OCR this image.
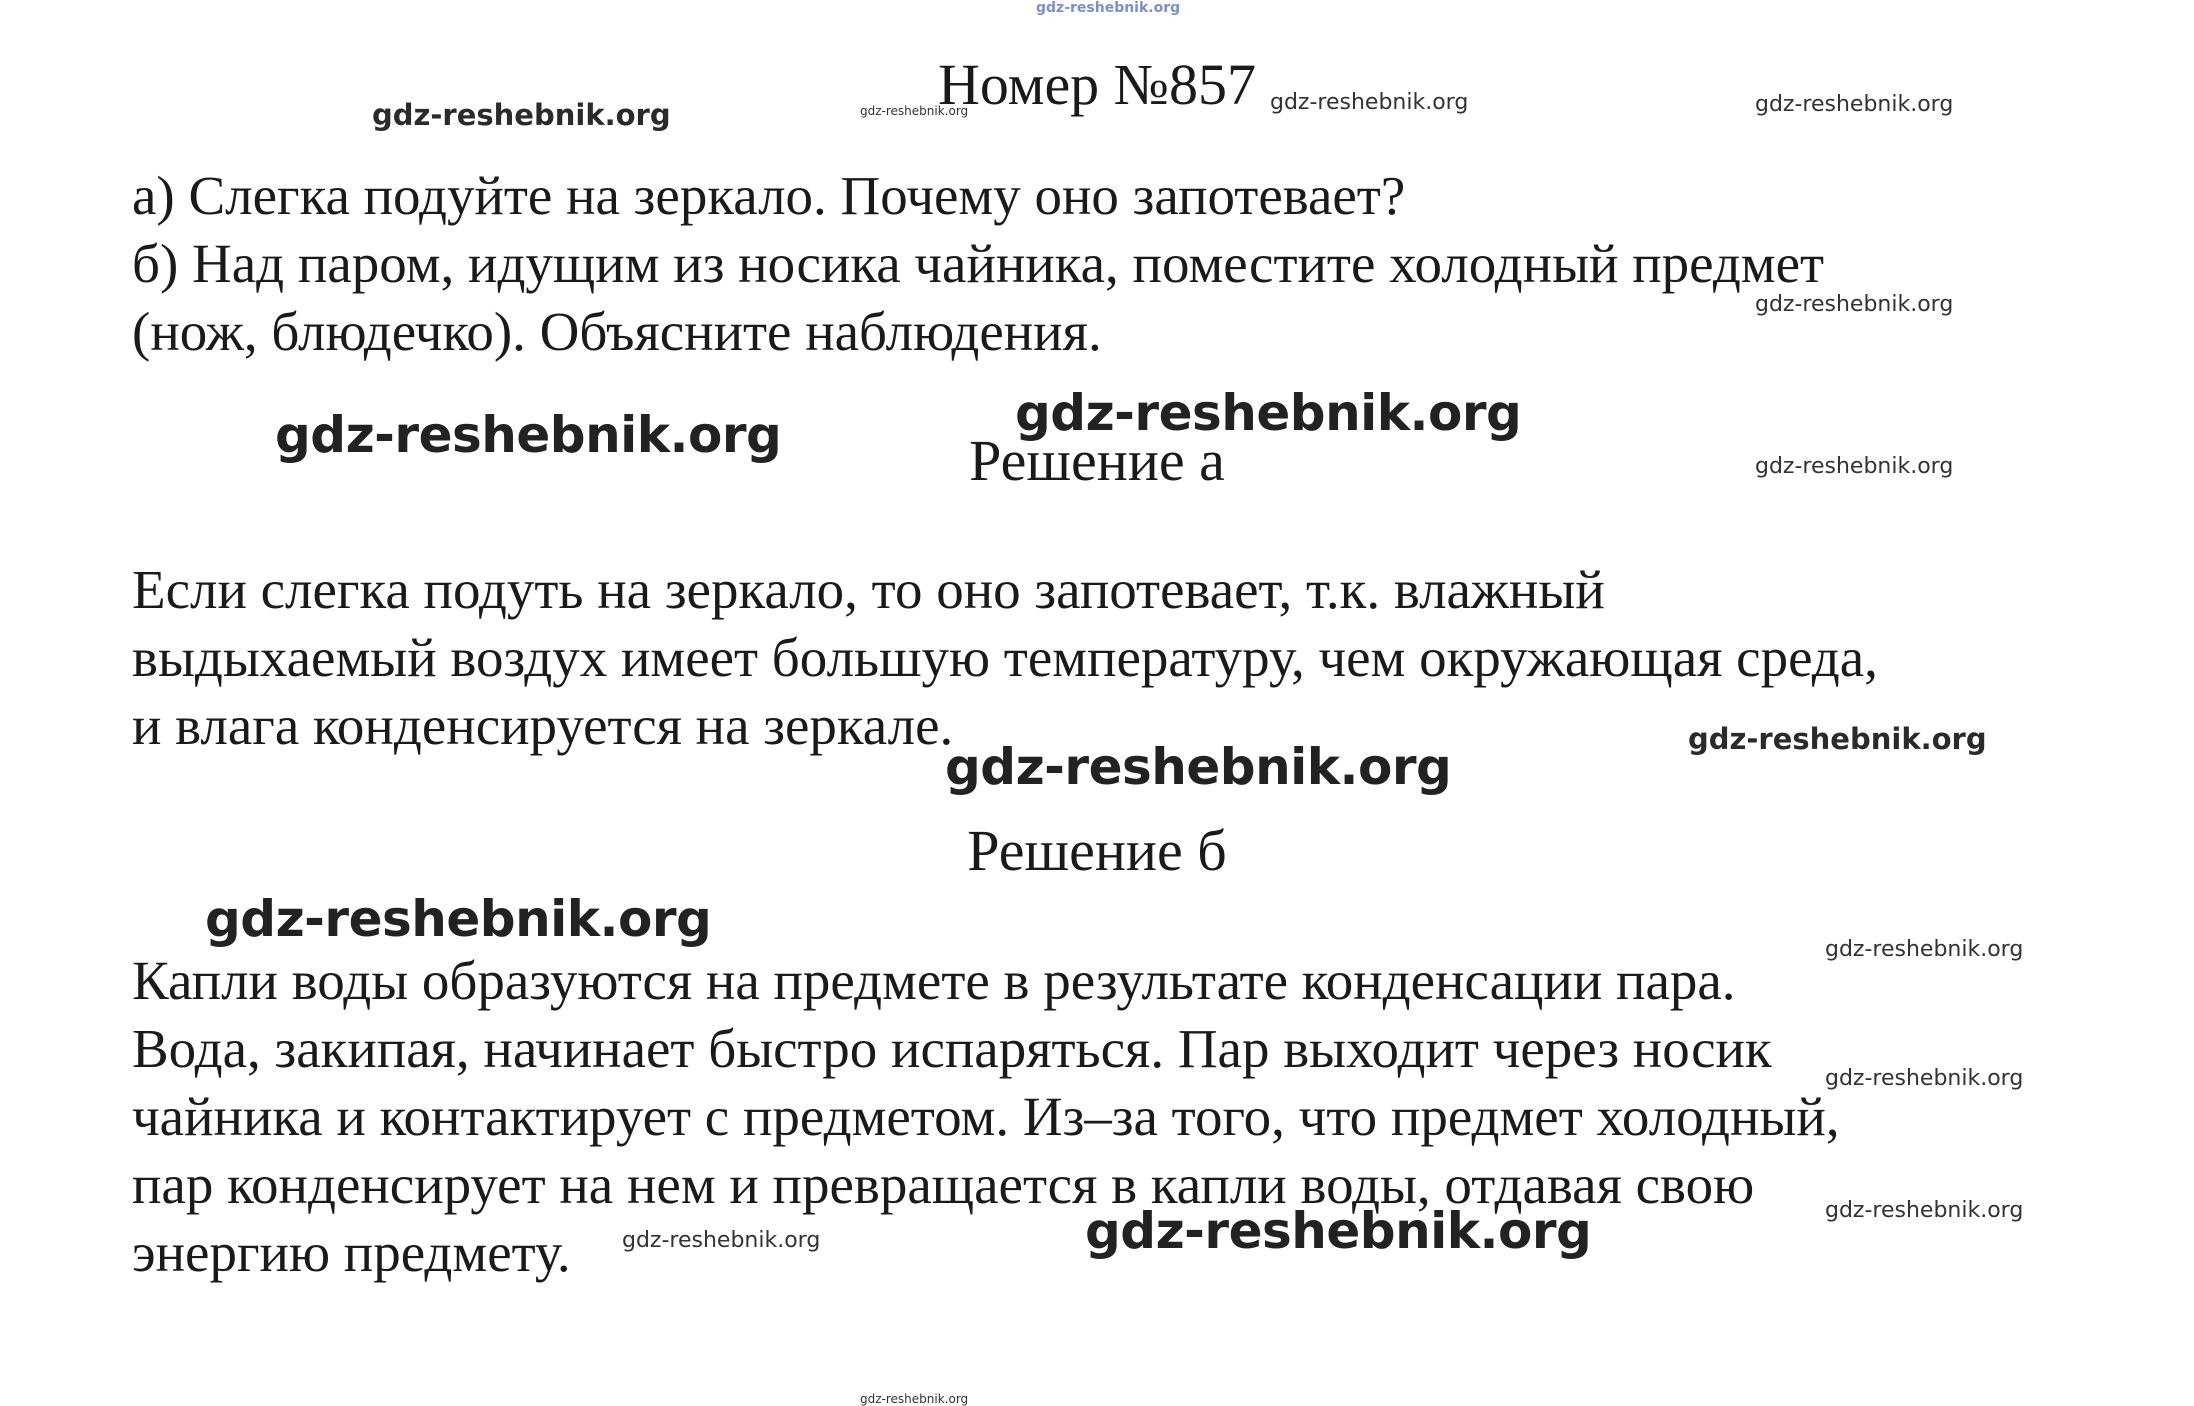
Номер №857
а) Слегка подуйте на зеркало. Почему оно запотевает?
б) Над паром, идущим из носика чайника, поместите холодный предмет
(нож, блюдечко). Объясните наблюдения.
Решение а
Если слегка подуть на зеркало, то оно запотевает, т.к. влажный
выдыхаемый воздух имеет большую температуру, чем окружающая среда,
и влага конденсируется на зеркале.
Решение б
Капли воды образуются на предмете в результате конденсации пара.
Вода, закипая, начинает быстро испаряться. Пар выходит через носик
чайника и контактирует с предметом. Из–за того, что предмет холодный,
пар конденсирует на нем и превращается в капли воды, отдавая свою
энергию предмету.
gdz-reshebnik.org
gdz-reshebnik.org	gdz-reshebnik.org	gdz-reshebnik.org	gdz-reshebnik.org
gdz-reshebnik.org
gdz-reshebnik.org	gdz-reshebnik.org
gdz-reshebnik.org
gdz-reshebnik.org
gdz-reshebnik.org
gdz-reshebnik.org
gdz-reshebnik.org
gdz-reshebnik.org
gdz-reshebnik.org
gdz-reshebnik.org	gdz-reshebnik.org
gdz-reshebnik.org
